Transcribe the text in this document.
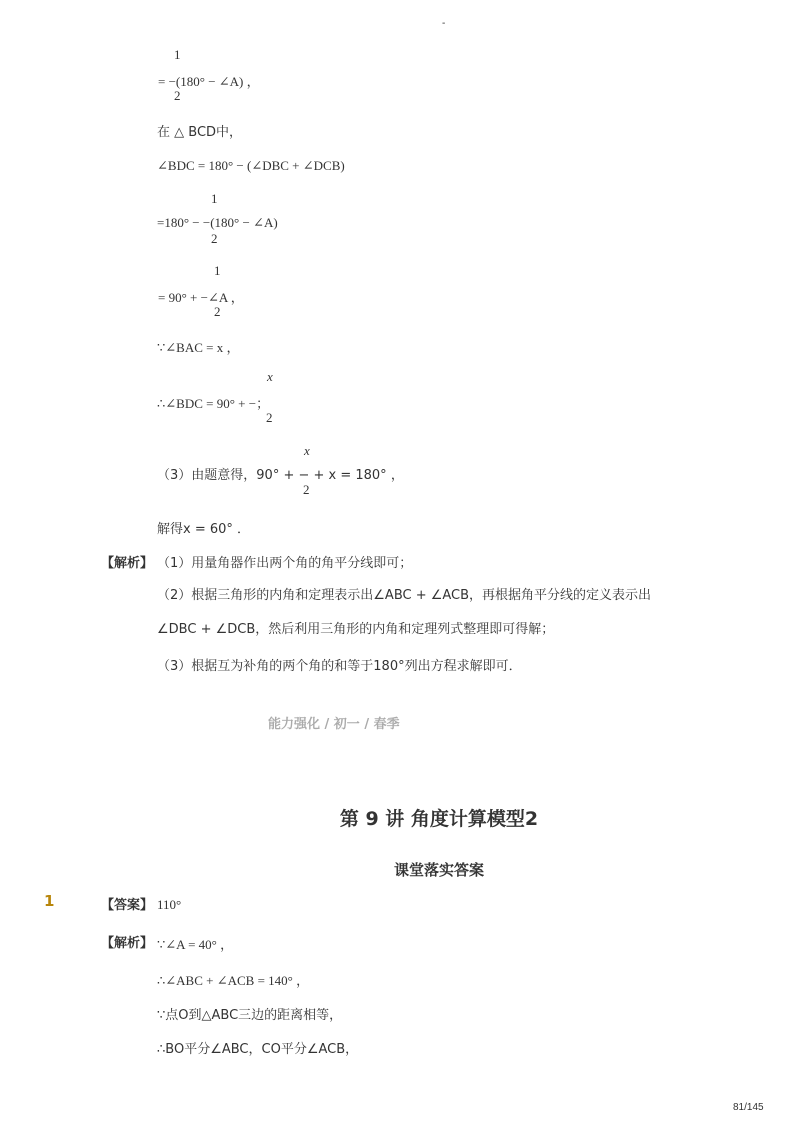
-
1
= −(180° − ∠A) ，
2
在 △ BCD中，
∠BDC = 180° − (∠DBC + ∠DCB)
1
=180° − −(180° − ∠A)
2
1
= 90° + −∠A ，
2
∵∠BAC = x ，
x
∴∠BDC = 90° + −；
2
x
（3）由题意得，90° + − + x = 180° ，
2
解得x = 60° ．
【解析】 （1）用量角器作出两个角的角平分线即可；
（2）根据三角形的内角和定理表示出∠ABC + ∠ACB，再根据角平分线的定义表示出
∠DBC + ∠DCB，然后利用三角形的内角和定理列式整理即可得解；
（3）根据互为补角的两个角的和等于180°列出方程求解即可．
能力强化 / 初一 / 春季
第 9 讲 角度计算模型2
课堂落实答案
1	【答案】 110°
【解析】 ∵∠A = 40° ，
∴∠ABC + ∠ACB = 140° ，
∵点O到△ABC三边的距离相等，
∴BO平分∠ABC，CO平分∠ACB，
81/145
